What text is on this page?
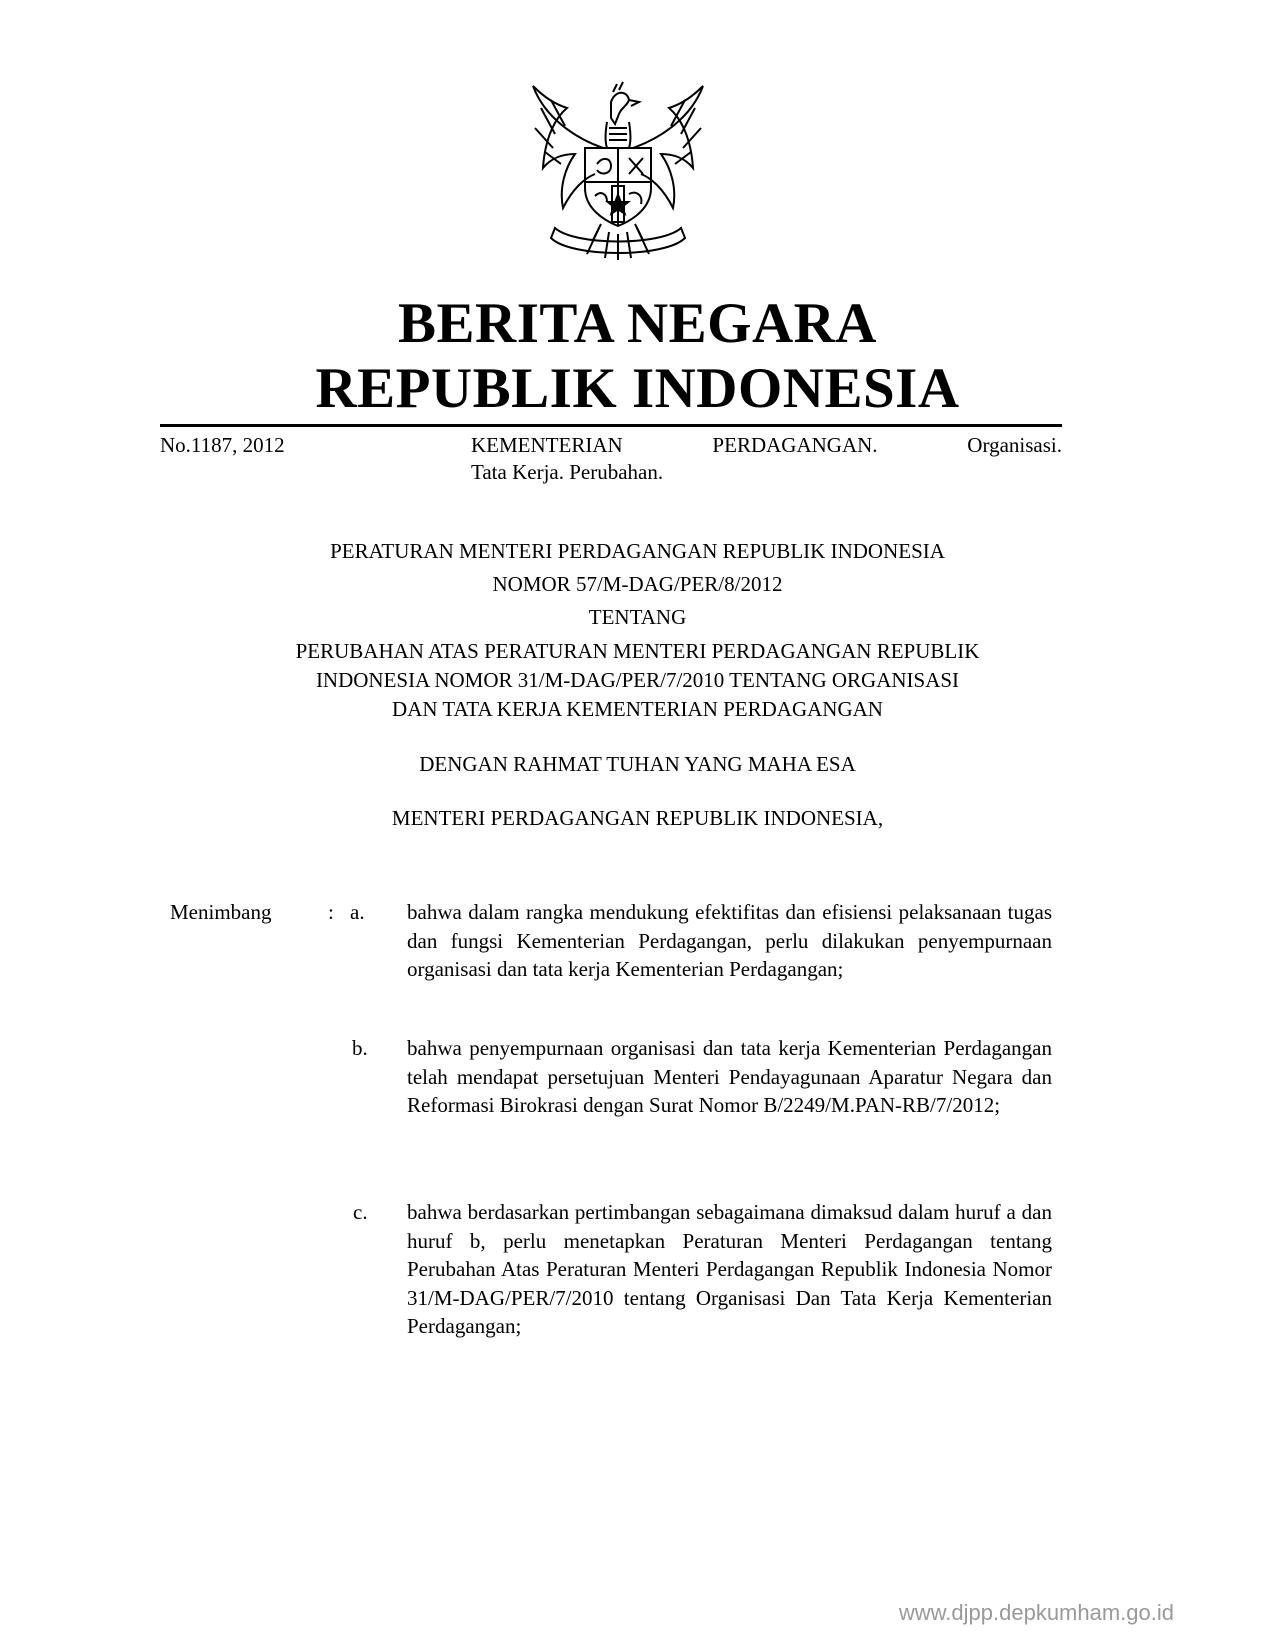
BERITA NEGARA
REPUBLIK INDONESIA
No.1187, 2012	KEMENTERIAN PERDAGANGAN. Organisasi.
Tata Kerja. Perubahan.
PERATURAN MENTERI PERDAGANGAN REPUBLIK INDONESIA
NOMOR 57/M-DAG/PER/8/2012
TENTANG
PERUBAHAN ATAS PERATURAN MENTERI PERDAGANGAN REPUBLIK
INDONESIA NOMOR 31/M-DAG/PER/7/2010 TENTANG ORGANISASI
DAN TATA KERJA KEMENTERIAN PERDAGANGAN
DENGAN RAHMAT TUHAN YANG MAHA ESA
MENTERI PERDAGANGAN REPUBLIK INDONESIA,
Menimbang	: a. bahwa dalam rangka mendukung efektifitas dan efisiensi pelaksanaan tugas dan fungsi Kementerian Perdagangan, perlu dilakukan penyempurnaan organisasi dan tata kerja Kementerian Perdagangan;
b. bahwa penyempurnaan organisasi dan tata kerja Kementerian Perdagangan telah mendapat persetujuan Menteri Pendayagunaan Aparatur Negara dan Reformasi Birokrasi dengan Surat Nomor B/2249/M.PAN-RB/7/2012;
c. bahwa berdasarkan pertimbangan sebagaimana dimaksud dalam huruf a dan huruf b, perlu menetapkan Peraturan Menteri Perdagangan tentang Perubahan Atas Peraturan Menteri Perdagangan Republik Indonesia Nomor 31/M-DAG/PER/7/2010 tentang Organisasi Dan Tata Kerja Kementerian Perdagangan;
www.djpp.depkumham.go.id
